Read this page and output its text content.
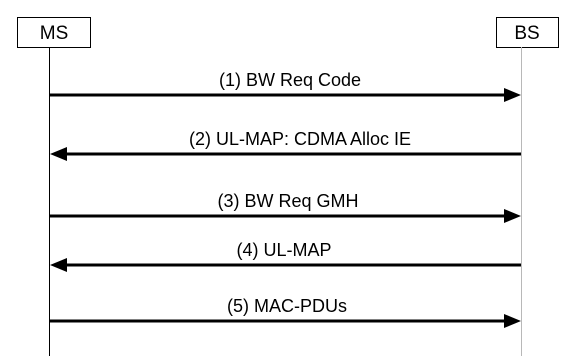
MS	BS
(1) BW Req Code
(2) UL-MAP: CDMA Alloc IE
(3) BW Req GMH
(4) UL-MAP
(5) MAC-PDUs
